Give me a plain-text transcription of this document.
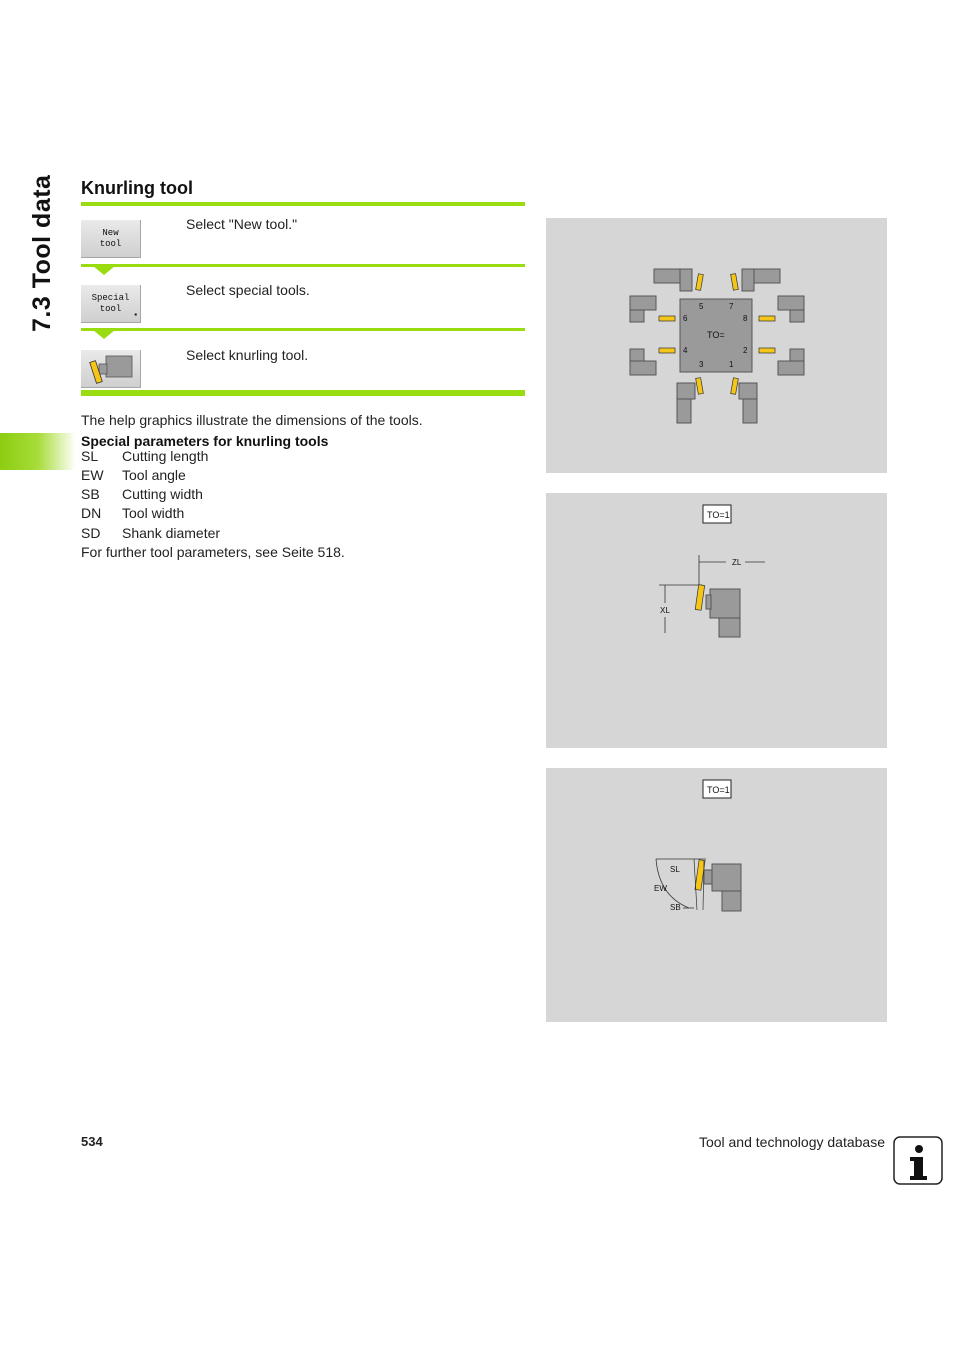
7.3 Tool data Knurling tool
New
tool
Select "New tool."
Special
tool
▪
Select special tools.
Select knurling tool.
The help graphics illustrate the dimensions of the tools.
Special parameters for knurling tools
SL Cutting length
EW Tool angle
SB Cutting width
DN Tool width
SD Shank diameter
For further tool parameters, see Seite 518.
TO=
5	7
6	8
4	2
3	1
TO=1
ZL
XL
TO=1
SL
EW
SB
534	Tool and technology database
